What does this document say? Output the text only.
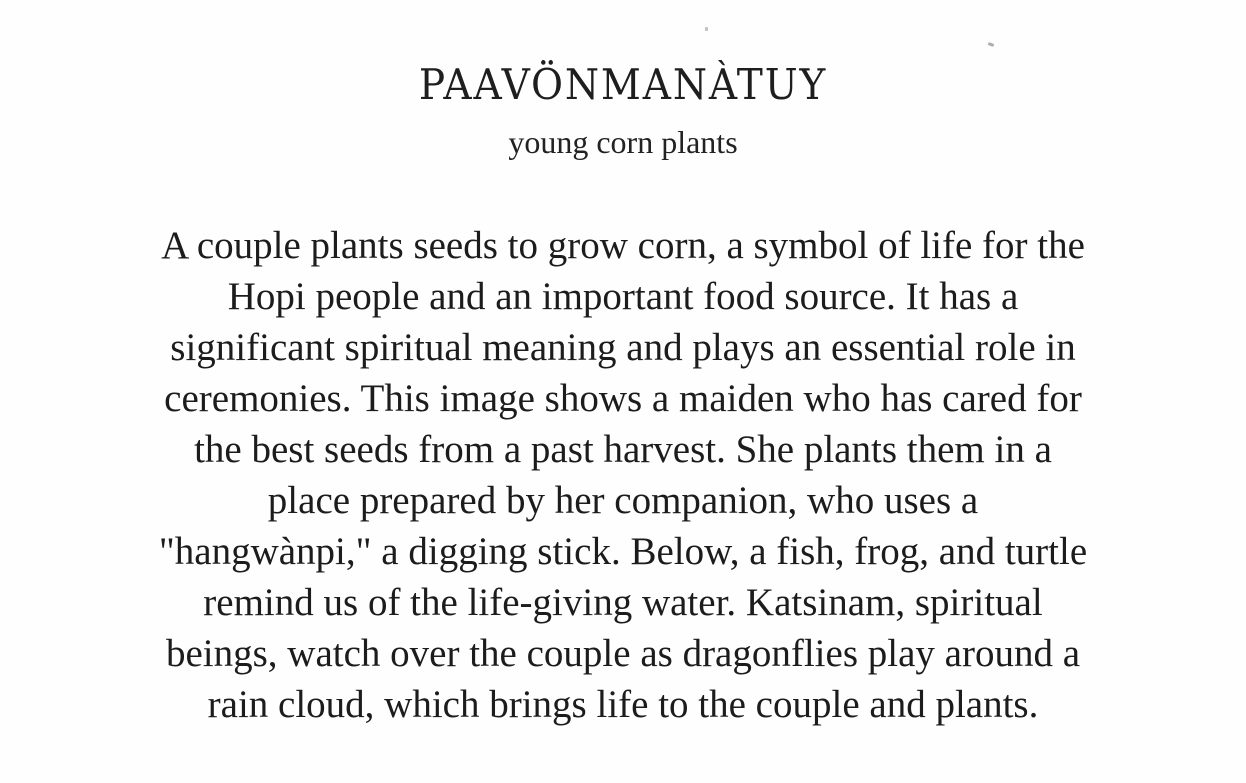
PAAVÖNMANÀTUY

young corn plants

A couple plants seeds to grow corn, a symbol of life for the
Hopi people and an important food source. It has a
significant spiritual meaning and plays an essential role in
ceremonies. This image shows a maiden who has cared for
the best seeds from a past harvest. She plants them in a
place prepared by her companion, who uses a
"hangwànpi," a digging stick. Below, a fish, frog, and turtle
remind us of the life-giving water. Katsinam, spiritual
beings, watch over the couple as dragonflies play around a
rain cloud, which brings life to the couple and plants.
